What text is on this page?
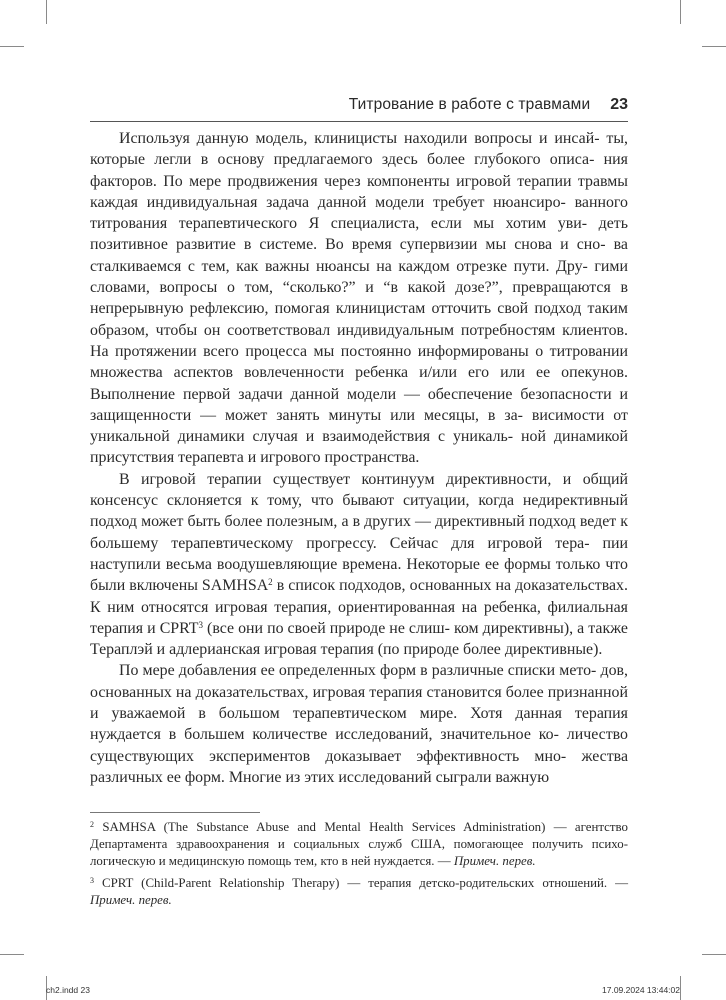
Титрование в работе с травмами 23

Используя данную модель, клиницисты находили вопросы и инсай- ты, которые легли в основу предлагаемого здесь более глубокого описа- ния факторов. По мере продвижения через компоненты игровой терапии травмы каждая индивидуальная задача данной модели требует нюансиро- ванного титрования терапевтического Я специалиста, если мы хотим уви- деть позитивное развитие в системе. Во время супервизии мы снова и сно- ва сталкиваемся с тем, как важны нюансы на каждом отрезке пути. Дру- гими словами, вопросы о том, “сколько?” и “в какой дозе?”, превращаются в непрерывную рефлексию, помогая клиницистам отточить свой подход таким образом, чтобы он соответствовал индивидуальным потребностям клиентов. На протяжении всего процесса мы постоянно информированы о титровании множества аспектов вовлеченности ребенка и/или его или ее опекунов. Выполнение первой задачи данной модели — обеспечение безопасности и защищенности — может занять минуты или месяцы, в за- висимости от уникальной динамики случая и взаимодействия с уникаль- ной динамикой присутствия терапевта и игрового пространства.

В игровой терапии существует континуум директивности, и общий консенсус склоняется к тому, что бывают ситуации, когда недирективный подход может быть более полезным, а в других — директивный подход ведет к большему терапевтическому прогрессу. Сейчас для игровой тера- пии наступили весьма воодушевляющие времена. Некоторые ее формы только что были включены SAMHSA$^2$ в список подходов, основанных на доказательствах. К ним относятся игровая терапия, ориентированная на ребенка, филиальная терапия и CPRT$^3$ (все они по своей природе не слиш- ком директивны), а также Тераплэй и адлерианская игровая терапия (по природе более директивные).

По мере добавления ее определенных форм в различные списки мето- дов, основанных на доказательствах, игровая терапия становится более признанной и уважаемой в большом терапевтическом мире. Хотя данная терапия нуждается в большем количестве исследований, значительное ко- личество существующих экспериментов доказывает эффективность мно- жества различных ее форм. Многие из этих исследований сыграли важную

$^2$ SAMHSA (The Substance Abuse and Mental Health Services Administration) — агентство Департамента здравоохранения и социальных служб США, помогающее получить психо- логическую и медицинскую помощь тем, кто в ней нуждается. — Примеч. перев.

$^3$ CPRT (Child-Parent Relationship Therapy) — терапия детско-родительских отношений. — Примеч. перев.

ch2.indd 23	17.09.2024 13:44:02
